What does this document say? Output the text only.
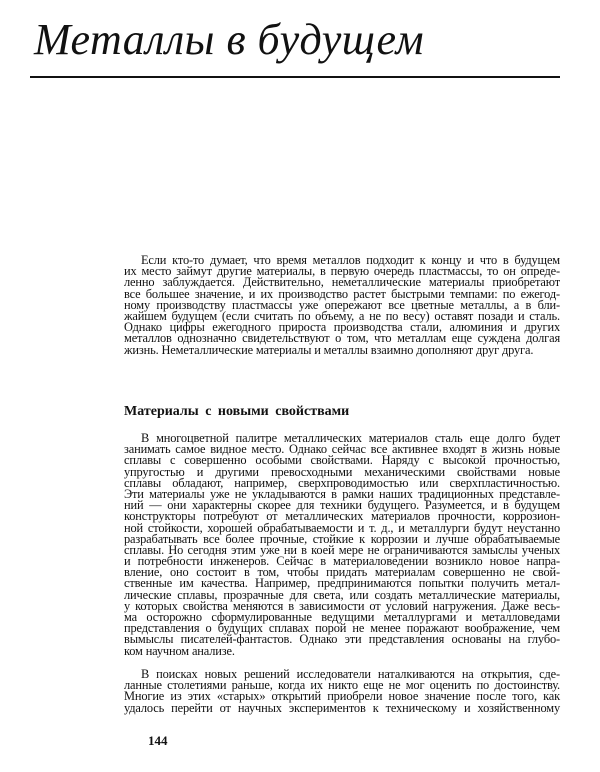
Металлы в будущем
Если кто-то думает, что время металлов подходит к концу и что в будущем
их место займут другие материалы, в первую очередь пластмассы, то он опреде-
ленно заблуждается. Действительно, неметаллические материалы приобретают
все большее значение, и их производство растет быстрыми темпами: по ежегод-
ному производству пластмассы уже опережают все цветные металлы, а в бли-
жайшем будущем (если считать по объему, а не по весу) оставят позади и сталь.
Однако цифры ежегодного прироста производства стали, алюминия и других
металлов однозначно свидетельствуют о том, что металлам еще суждена долгая
жизнь. Неметаллические материалы и металлы взаимно дополняют друг друга.
Материалы с новыми свойствами
В многоцветной палитре металлических материалов сталь еще долго будет
занимать самое видное место. Однако сейчас все активнее входят в жизнь новые
сплавы с совершенно особыми свойствами. Наряду с высокой прочностью,
упругостью и другими превосходными механическими свойствами новые
сплавы обладают, например, сверхпроводимостью или сверхпластичностью.
Эти материалы уже не укладываются в рамки наших традиционных представле-
ний — они характерны скорее для техники будущего. Разумеется, и в будущем
конструкторы потребуют от металлических материалов прочности, коррозион-
ной стойкости, хорошей обрабатываемости и т. д., и металлурги будут неустанно
разрабатывать все более прочные, стойкие к коррозии и лучше обрабатываемые
сплавы. Но сегодня этим уже ни в коей мере не ограничиваются замыслы ученых
и потребности инженеров. Сейчас в материаловедении возникло новое напра-
вление, оно состоит в том, чтобы придать материалам совершенно не свой-
ственные им качества. Например, предпринимаются попытки получить метал-
лические сплавы, прозрачные для света, или создать металлические материалы,
у которых свойства меняются в зависимости от условий нагружения. Даже весь-
ма осторожно сформулированные ведущими металлургами и металловедами
представления о будущих сплавах порой не менее поражают воображение, чем
вымыслы писателей-фантастов. Однако эти представления основаны на глубо-
ком научном анализе.
В поисках новых решений исследователи наталкиваются на открытия, сде-
ланные столетиями раньше, когда их никто еще не мог оценить по достоинству.
Многие из этих «старых» открытий приобрели новое значение после того, как
удалось перейти от научных экспериментов к техническому и хозяйственному
144
